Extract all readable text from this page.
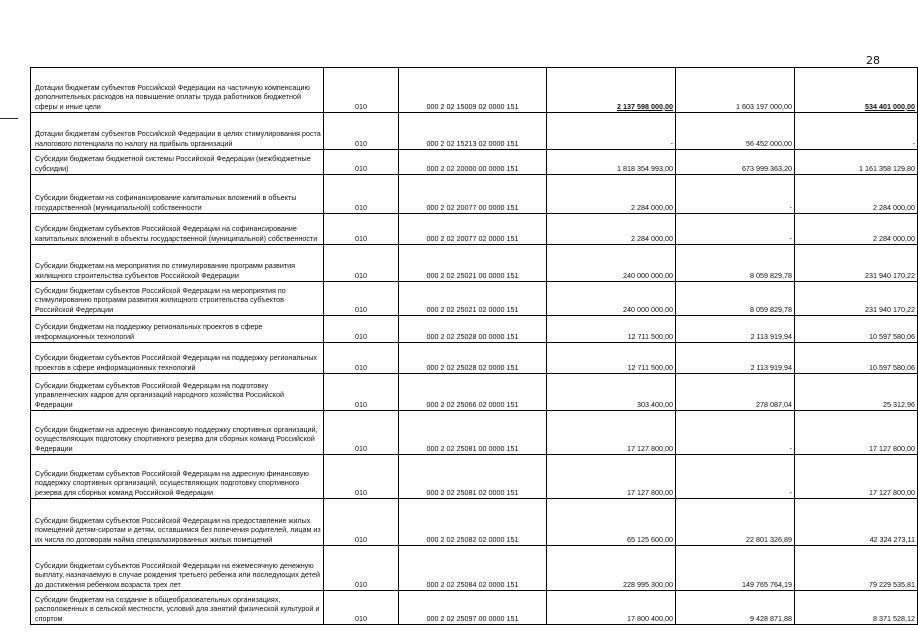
28
Дотации бюджетам субъектов Российской Федерации на частичную компенсацию дополнительных расходов на повышение оплаты труда работников бюджетной сферы и иные цели	010	000 2 02 15009 02 0000 151	2 137 598 000,00	1 603 197 000,00	534 401 000,00
Дотации бюджетам субъектов Российской Федерации в целях стимулирования роста налогового потенциала по налогу на прибыль организаций	010	000 2 02 15213 02 0000 151	-	56 452 000,00	-
Субсидии бюджетам бюджетной системы Российской Федерации (межбюджетные субсидии)	010	000 2 02 20000 00 0000 151	1 818 354 993,00	673 999 363,20	1 161 358 129,80
Субсидии бюджетам на софинансирование капитальных вложений в объекты государственной (муниципальной) собственности	010	000 2 02 20077 00 0000 151	2 284 000,00	-	2 284 000,00
Субсидии бюджетам субъектов Российской Федерации на софинансирование капитальных вложений в объекты государственной (муниципальной) собственности	010	000 2 02 20077 02 0000 151	2 284 000,00	-	2 284 000,00
Субсидии бюджетам на мероприятия по стимулированию программ развития жилищного строительства субъектов Российской Федерации	010	000 2 02 25021 00 0000 151	240 000 000,00	8 059 829,78	231 940 170,22
Субсидии бюджетам субъектов Российской Федерации на мероприятия по стимулированию программ развития жилищного строительства субъектов Российской Федерации	010	000 2 02 25021 02 0000 151	240 000 000,00	8 059 829,78	231 940 170,22
Субсидии бюджетам на поддержку региональных проектов в сфере информационных технологий	010	000 2 02 25028 00 0000 151	12 711 500,00	2 113 919,94	10 597 580,06
Субсидии бюджетам субъектов Российской Федерации на поддержку региональных проектов в сфере информационных технологий	010	000 2 02 25028 02 0000 151	12 711 500,00	2 113 919,94	10 597 580,06
Субсидии бюджетам субъектов Российской Федерации на подготовку управленческих кадров для организаций народного хозяйства Российской Федерации	010	000 2 02 25066 02 0000 151	303 400,00	278 087,04	25 312,96
Субсидии бюджетам на адресную финансовую поддержку спортивных организаций, осуществляющих подготовку спортивного резерва для сборных команд Российской Федерации	010	000 2 02 25081 00 0000 151	17 127 800,00	-	17 127 800,00
Субсидии бюджетам субъектов Российской Федерации на адресную финансовую поддержку спортивных организаций, осуществляющих подготовку спортивного резерва для сборных команд Российской Федерации	010	000 2 02 25081 02 0000 151	17 127 800,00	-	17 127 800,00
Субсидии бюджетам субъектов Российской Федерации на предоставление жилых помещений детям-сиротам и детям, оставшимся без попечения родителей, лицам из их числа по договорам найма специализированных жилых помещений	010	000 2 02 25082 02 0000 151	65 125 600,00	22 801 326,89	42 324 273,11
Субсидии бюджетам субъектов Российской Федерации на ежемесячную денежную выплату, назначаемую в случае рождения третьего ребенка или последующих детей до достижения ребенком возраста трех лет	010	000 2 02 25084 02 0000 151	228 995 300,00	149 765 764,19	79 229 535,81
Субсидии бюджетам на создание в общеобразовательных организациях, расположенных в сельской местности, условий для занятий физической культурой и спортом	010	000 2 02 25097 00 0000 151	17 800 400,00	9 428 871,88	8 371 528,12
